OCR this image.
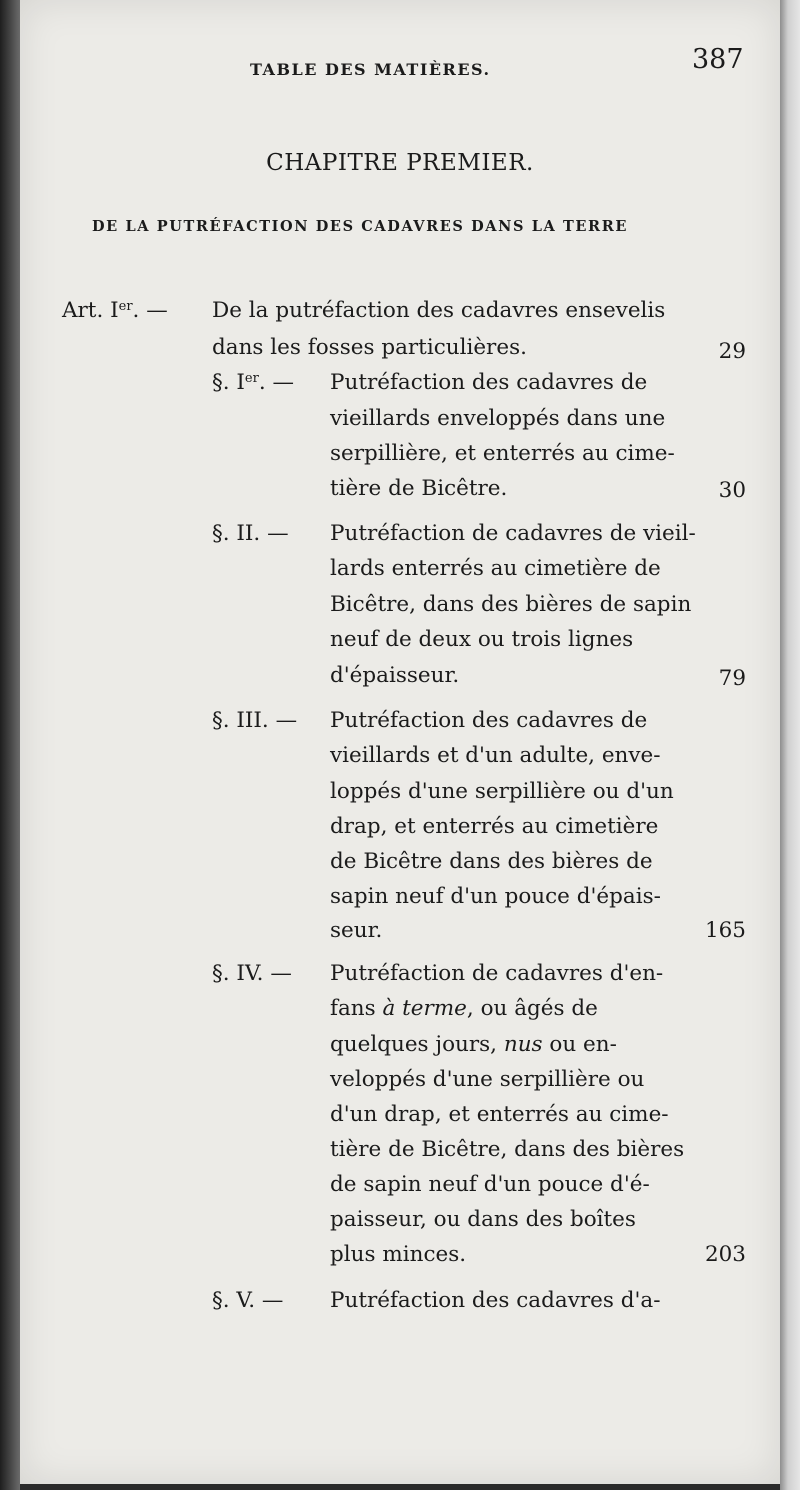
TABLE DES MATIÈRES.	387
CHAPITRE PREMIER.
DE LA PUTRÉFACTION DES CADAVRES DANS LA TERRE
Art. Ier. — De la putréfaction des cadavres ensevelis
dans les fosses particulières.	29
§. Ier. — Putréfaction des cadavres de
vieillards enveloppés dans une
serpillière, et enterrés au cime-
tière de Bicêtre.	30
§. II. — Putréfaction de cadavres de vieil-
lards enterrés au cimetière de
Bicêtre, dans des bières de sapin
neuf de deux ou trois lignes
d'épaisseur.	79
§. III. — Putréfaction des cadavres de
vieillards et d'un adulte, enve-
loppés d'une serpillière ou d'un
drap, et enterrés au cimetière
de Bicêtre dans des bières de
sapin neuf d'un pouce d'épais-
seur.	165
§. IV. — Putréfaction de cadavres d'en-
fans à terme, ou âgés de
quelques jours, nus ou en-
veloppés d'une serpillière ou
d'un drap, et enterrés au cime-
tière de Bicêtre, dans des bières
de sapin neuf d'un pouce d'é-
paisseur, ou dans des boîtes
plus minces.	203
§. V. — Putréfaction des cadavres d'a-
